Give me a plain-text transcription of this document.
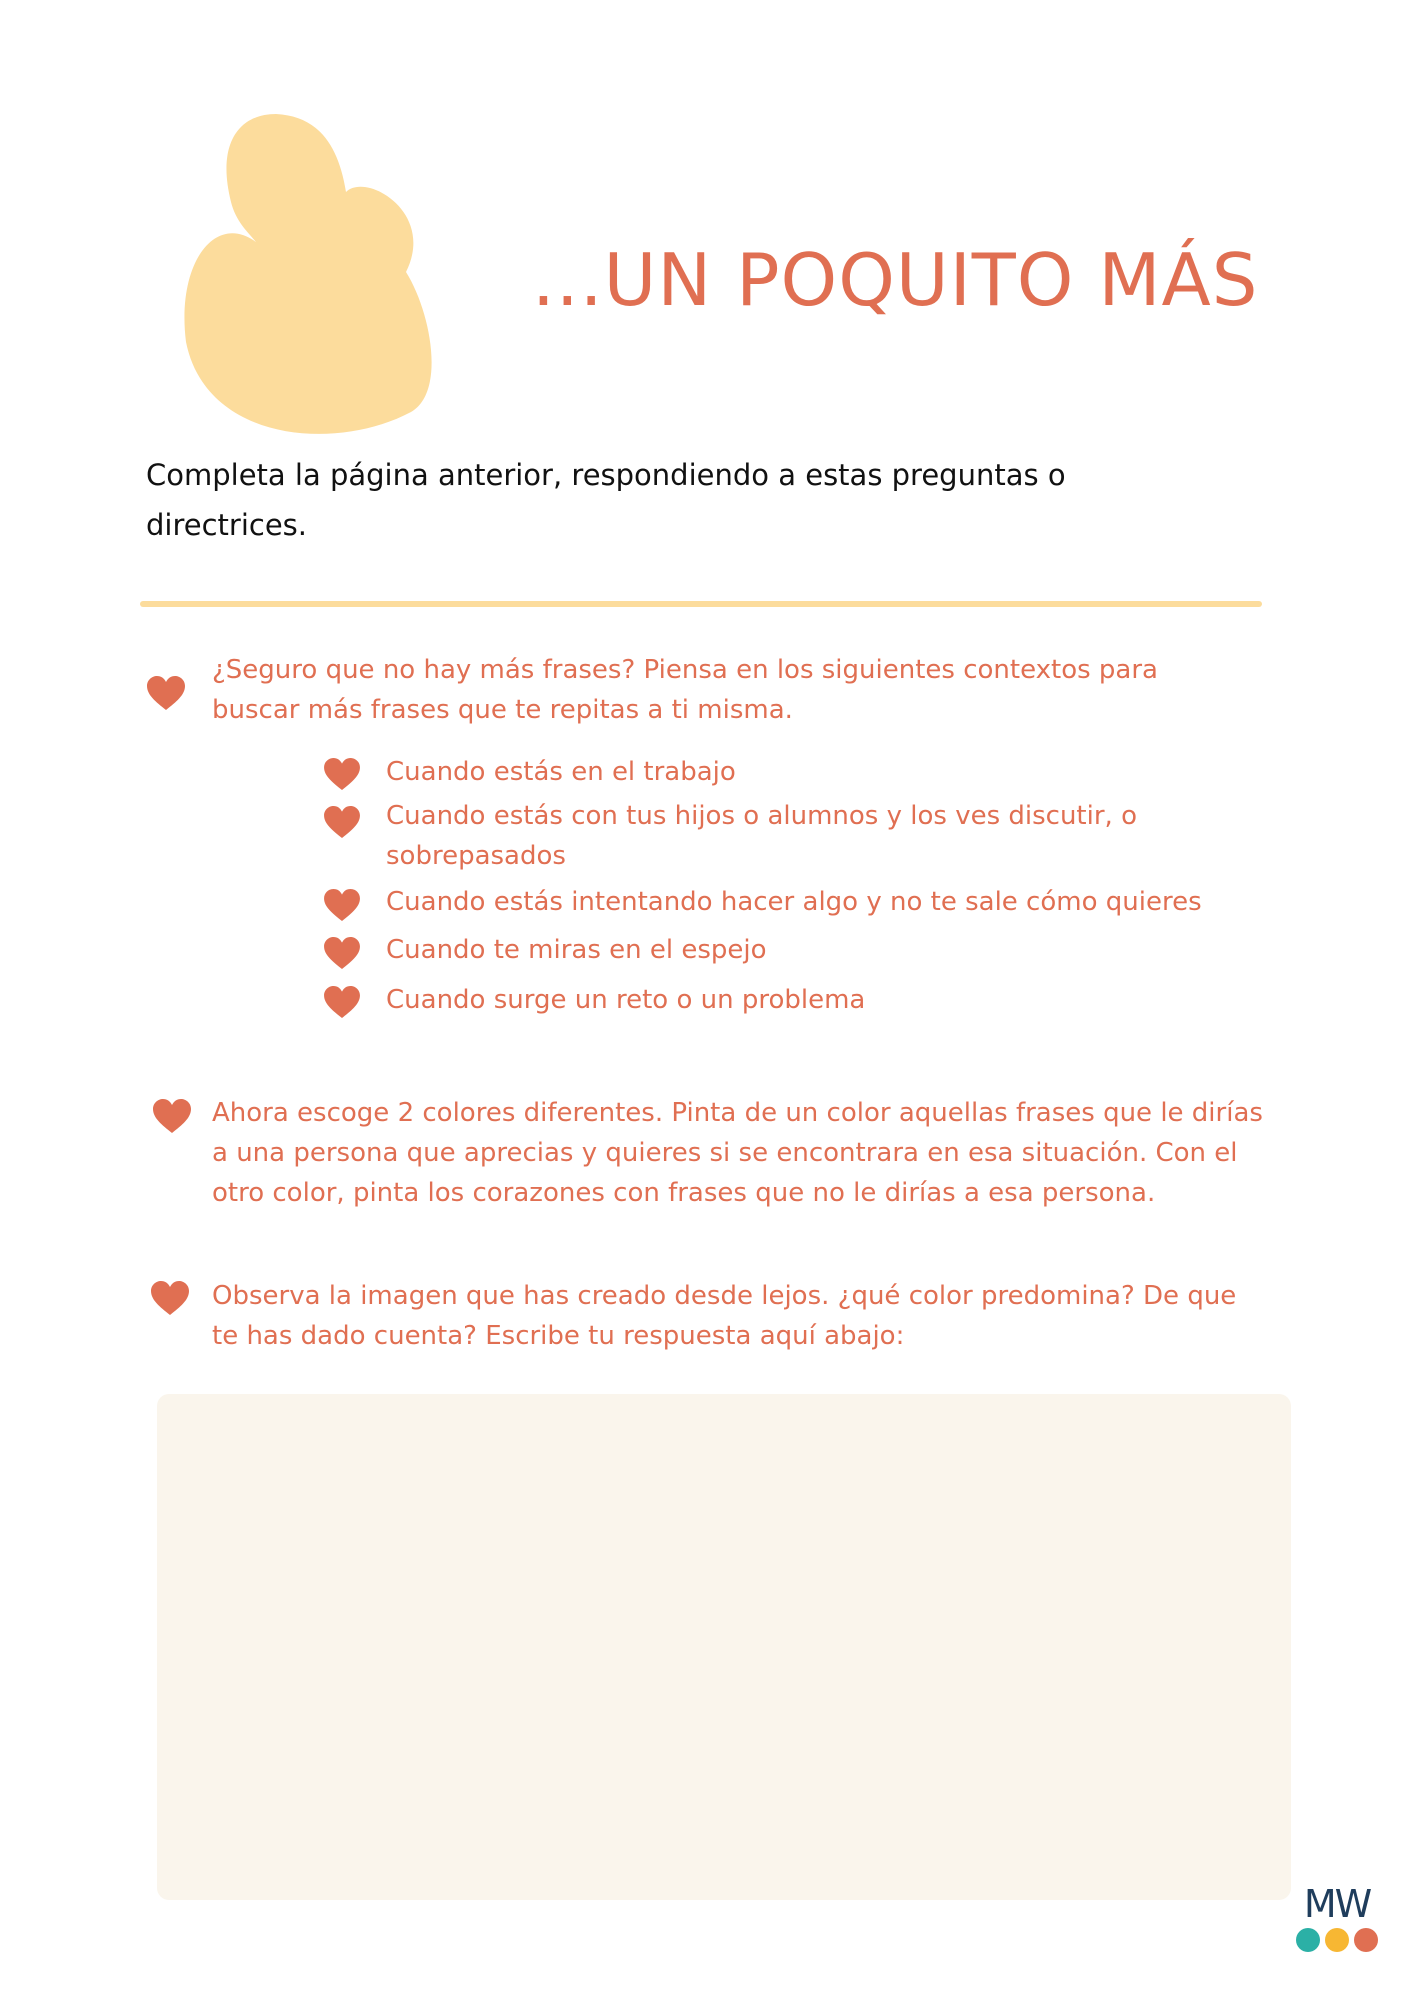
...UN POQUITO MÁS
Completa la página anterior, respondiendo a estas preguntas o directrices.
¿Seguro que no hay más frases? Piensa en los siguientes contextos para buscar más frases que te repitas a ti misma.
Cuando estás en el trabajo
Cuando estás con tus hijos o alumnos y los ves discutir, o sobrepasados
Cuando estás intentando hacer algo y no te sale cómo quieres
Cuando te miras en el espejo
Cuando surge un reto o un problema
Ahora escoge 2 colores diferentes. Pinta de un color aquellas frases que le dirías a una persona que aprecias y quieres si se encontrara en esa situación. Con el otro color, pinta los corazones con frases que no le dirías a esa persona.
Observa la imagen que has creado desde lejos. ¿qué color predomina? De que te has dado cuenta? Escribe tu respuesta aquí abajo:
MW
